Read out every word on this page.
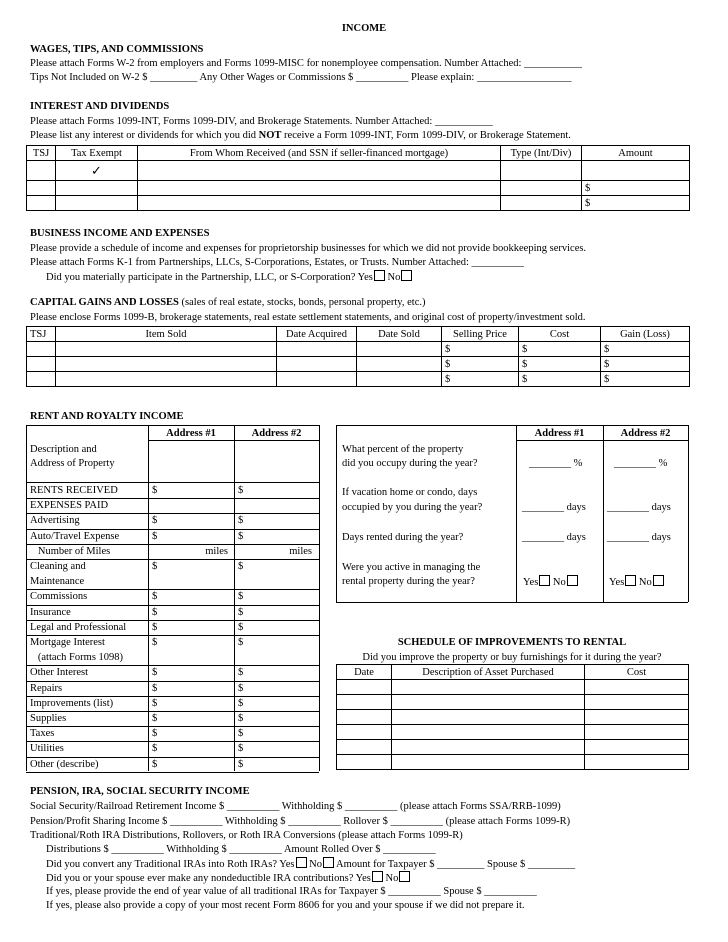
INCOME
WAGES, TIPS, AND COMMISSIONS
Please attach Forms W-2 from employers and Forms 1099-MISC for nonemployee compensation. Number Attached: ___________
Tips Not Included on W-2 $ _________ Any Other Wages or Commissions $ __________ Please explain: __________________
INTEREST AND DIVIDENDS
Please attach Forms 1099-INT, Forms 1099-DIV, and Brokerage Statements. Number Attached: ___________
Please list any interest or dividends for which you did NOT receive a Form 1099-INT, Form 1099-DIV, or Brokerage Statement.
TSJ	Tax Exempt	From Whom Received (and SSN if seller-financed mortgage)	Type (Int/Div)	Amount
	✓			
				$
				$
BUSINESS INCOME AND EXPENSES
Please provide a schedule of income and expenses for proprietorship businesses for which we did not provide bookkeeping services.
Please attach Forms K-1 from Partnerships, LLCs, S-Corporations, Estates, or Trusts. Number Attached: __________
Did you materially participate in the Partnership, LLC, or S-Corporation? Yes No
CAPITAL GAINS AND LOSSES (sales of real estate, stocks, bonds, personal property, etc.)
Please enclose Forms 1099-B, brokerage statements, real estate settlement statements, and original cost of property/investment sold.
TSJ	Item Sold	Date Acquired	Date Sold	Selling Price	Cost	Gain (Loss)
				$	$	$
				$	$	$
				$	$	$
RENT AND ROYALTY INCOME
Address #1	Address #2
Description and
Address of Property
RENTS RECEIVED	$	$
EXPENSES PAID
Advertising	$	$
Auto/Travel Expense	$	$
Number of Miles	miles	miles
Cleaning and	$	$
Maintenance
Commissions	$	$
Insurance	$	$
Legal and Professional $	$
Mortgage Interest	$	$
(attach Forms 1098)
Other Interest	$	$
Repairs	$	$
Improvements (list)	$	$
Supplies	$	$
Taxes	$	$
Utilities	$	$
Other (describe)	$	$
Address #1	Address #2
What percent of the property
did you occupy during the year?	________ %	________ %
If vacation home or condo, days
occupied by you during the year?	________ days ________ days
Days rented during the year?	________ days ________ days
Were you active in managing the
rental property during the year?	Yes No	Yes No
SCHEDULE OF IMPROVEMENTS TO RENTAL
Did you improve the property or buy furnishings for it during the year?
Date	Description of Asset Purchased	Cost

PENSION, IRA, SOCIAL SECURITY INCOME
Social Security/Railroad Retirement Income $ __________ Withholding $ __________ (please attach Forms SSA/RRB-1099)
Pension/Profit Sharing Income $ __________ Withholding $ __________ Rollover $ __________ (please attach Forms 1099-R)
Traditional/Roth IRA Distributions, Rollovers, or Roth IRA Conversions (please attach Forms 1099-R)
Distributions $ __________ Withholding $ __________ Amount Rolled Over $ __________
Did you convert any Traditional IRAs into Roth IRAs? Yes No Amount for Taxpayer $ _________ Spouse $ _________
Did you or your spouse ever make any nondeductible IRA contributions? Yes No
If yes, please provide the end of year value of all traditional IRAs for Taxpayer $ __________ Spouse $ __________
If yes, please also provide a copy of your most recent Form 8606 for you and your spouse if we did not prepare it.
